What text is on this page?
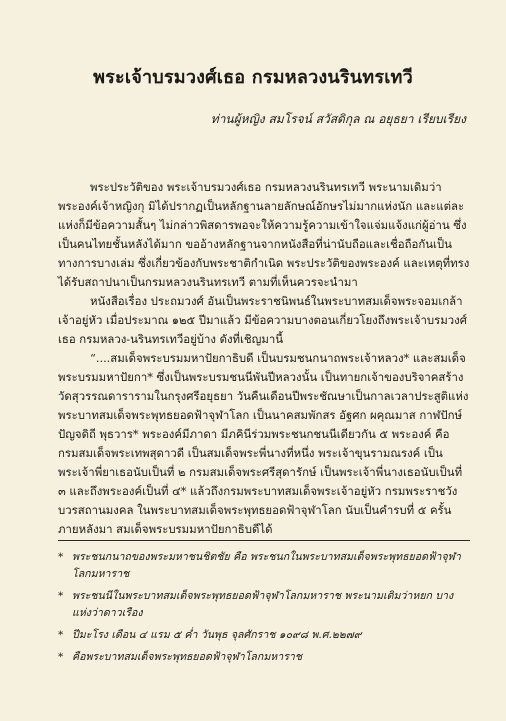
พระเจ้าบรมวงศ์เธอ กรมหลวงนรินทรเทวี
ท่านผู้หญิง สมโรจน์ สวัสดิกุล ณ อยุธยา เรียบเรียง

พระประวัติของ พระเจ้าบรมวงศ์เธอ กรมหลวงนรินทรเทวี พระนามเดิมว่า พระองค์เจ้าหญิงกุ มิได้ปรากฏเป็นหลักฐานลายลักษณ์อักษรไม่มากแห่งนัก และแต่ละแห่งก็มีข้อความสั้นๆ ไม่กล่าวพิสดารพอจะให้ความรู้ความเข้าใจแจ่มแจ้งแก่ผู้อ่าน ซึ่งเป็นคนไทยชั้นหลังได้มาก ขออ้างหลักฐานจากหนังสือที่น่านับถือและเชื่อถือกันเป็นทางการบางเล่ม ซึ่งเกี่ยวข้องกับพระชาติกำเนิด พระประวัติของพระองค์ และเหตุที่ทรงได้รับสถาปนาเป็นกรมหลวงนรินทรเทวี ตามที่เห็นควรจะนำมา

หนังสือเรื่อง ประถมวงศ์ อันเป็นพระราชนิพนธ์ในพระบาทสมเด็จพระจอมเกล้าเจ้าอยู่หัว เมื่อประมาณ ๑๒๕ ปีมาแล้ว มีข้อความบางตอนเกี่ยวโยงถึงพระเจ้าบรมวงศ์เธอ กรมหลวง-นรินทรเทวีอยู่บ้าง ดังที่เชิญมานี้

“....สมเด็จพระบรมมหาปัยกาธิบดี เป็นบรมชนกนาถพระเจ้าหลวง* และสมเด็จพระบรมมหาปัยกา* ซึ่งเป็นพระบรมชนนีพันปีหลวงนั้น เป็นทายกเจ้าของบริจาคสร้างวัดสุวรรณดารารามในกรุงศรีอยุธยา วันคืนเดือนปีพระชัณษาเป็นกาลเวลาประสูติแห่งพระบาทสมเด็จพระพุทธยอดฟ้าจุฬาโลก เป็นนาคสมพักสร อัฐศก ผคุณมาส กาฬปักษ์ ปัญจดิถี พุธวาร* พระองค์มีภาดา มีภคินีร่วมพระชนกชนนีเดียวกัน ๕ พระองค์ คือ กรมสมเด็จพระเทพสุดาวดี เป็นสมเด็จพระพี่นางที่หนึ่ง พระเจ้าขุนรามณรงค์ เป็นพระเจ้าพี่ยาเธอนับเป็นที่ ๒ กรมสมเด็จพระศรีสุดารักษ์ เป็นพระเจ้าพี่นางเธอนับเป็นที่ ๓ และถึงพระองค์เป็นที่ ๔* แล้วถึงกรมพระบาทสมเด็จพระเจ้าอยู่หัว กรมพระราชวังบวรสถานมงคล ในพระบาทสมเด็จพระพุทธยอดฟ้าจุฬาโลก นับเป็นคำรบที่ ๕ ครั้นภายหลังมา สมเด็จพระบรมมหาปัยกาธิบดีได้

* พระชนกนาถของพระมหาชนชิตชัย คือ พระชนกในพระบาทสมเด็จพระพุทธยอดฟ้าจุฬาโลกมหาราช
* พระชนนีในพระบาทสมเด็จพระพุทธยอดฟ้าจุฬาโลกมหาราช พระนามเดิมว่าหยก บางแห่งว่าดาวเรือง
* ปีมะโรง เดือน ๔ แรม ๕ ค่ำ วันพุธ จุลศักราช ๑๐๙๘ พ.ศ.๒๒๗๙
* คือพระบาทสมเด็จพระพุทธยอดฟ้าจุฬาโลกมหาราช
